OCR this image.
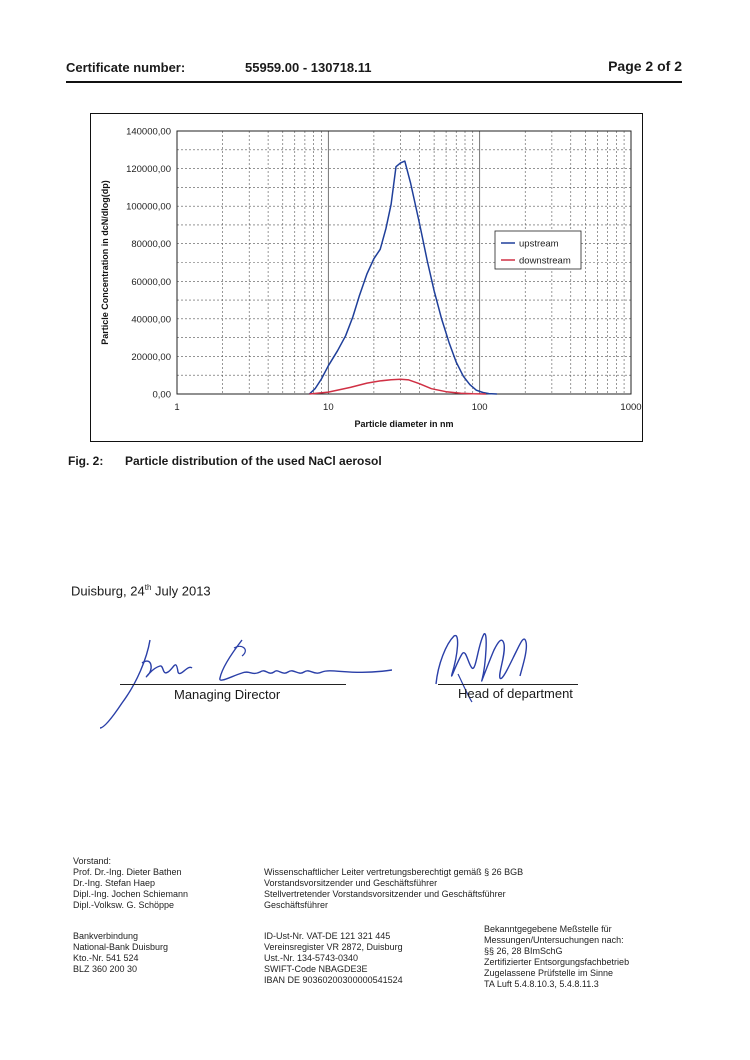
Certificate number:	55959.00 - 130718.11	Page 2 of 2
0,00
20000,00
40000,00
60000,00
80000,00
100000,00
120000,00
140000,00
1	10	100	1000
Particle diameter in nm
Particle Concentration in dcN/dlog(dp)	upstream
downstream
Fig. 2: Particle distribution of the used NaCl aerosol
Duisburg, 24th July 2013
Managing Director	Head of department
Vorstand:
Prof. Dr.-Ing. Dieter Bathen
Dr.-Ing. Stefan Haep
Dipl.-Ing. Jochen Schiemann
Dipl.-Volksw. G. Schöppe
Wissenschaftlicher Leiter vertretungsberechtigt gemäß § 26 BGB
Vorstandsvorsitzender und Geschäftsführer
Stellvertretender Vorstandsvorsitzender und Geschäftsführer
Geschäftsführer
Bankverbindung
National-Bank Duisburg
Kto.-Nr. 541 524
BLZ 360 200 30
ID-Ust-Nr. VAT-DE 121 321 445
Vereinsregister VR 2872, Duisburg
Ust.-Nr. 134-5743-0340
SWIFT-Code NBAGDE3E
IBAN DE 90360200300000541524
Bekanntgegebene Meßstelle für
Messungen/Untersuchungen nach:
§§ 26, 28 BImSchG
Zertifizierter Entsorgungsfachbetrieb
Zugelassene Prüfstelle im Sinne
TA Luft 5.4.8.10.3, 5.4.8.11.3
